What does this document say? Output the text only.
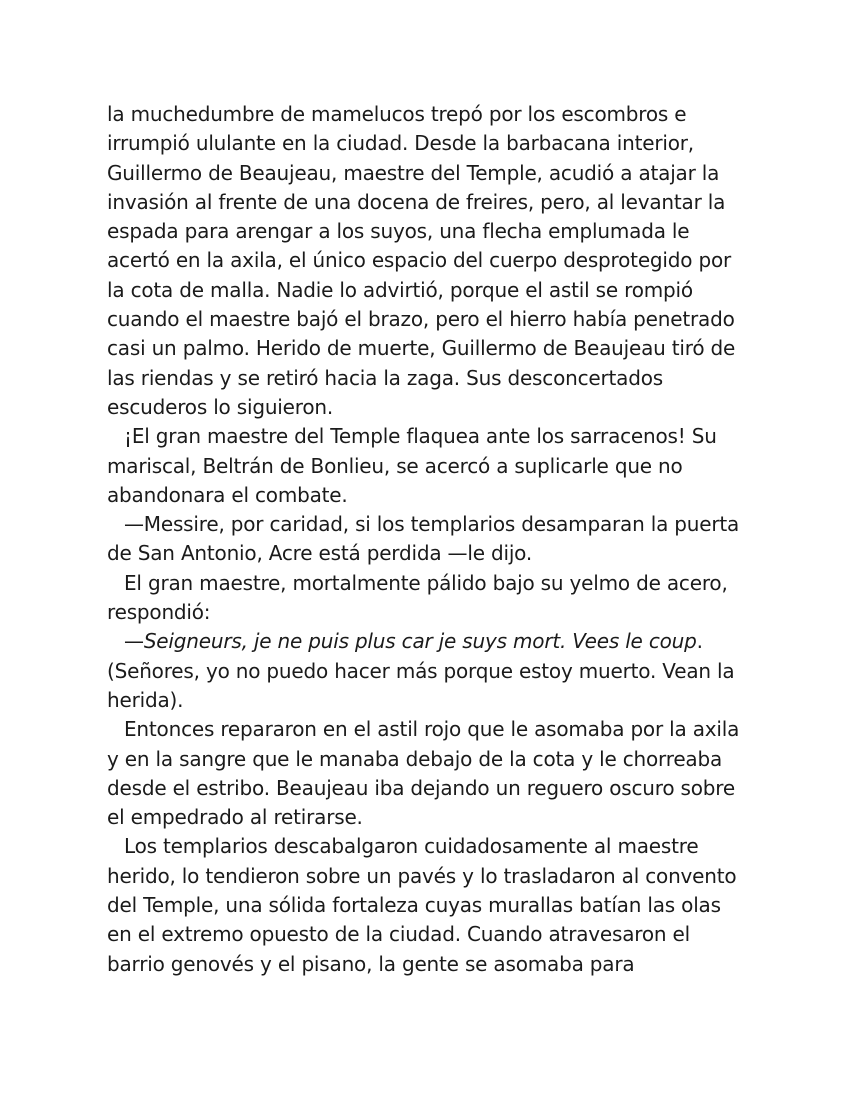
la muchedumbre de mamelucos trepó por los escombros e
irrumpió ululante en la ciudad. Desde la barbacana interior,
Guillermo de Beaujeau, maestre del Temple, acudió a atajar la
invasión al frente de una docena de freires, pero, al levantar la
espada para arengar a los suyos, una flecha emplumada le
acertó en la axila, el único espacio del cuerpo desprotegido por
la cota de malla. Nadie lo advirtió, porque el astil se rompió
cuando el maestre bajó el brazo, pero el hierro había penetrado
casi un palmo. Herido de muerte, Guillermo de Beaujeau tiró de
las riendas y se retiró hacia la zaga. Sus desconcertados
escuderos lo siguieron.
¡El gran maestre del Temple flaquea ante los sarracenos! Su
mariscal, Beltrán de Bonlieu, se acercó a suplicarle que no
abandonara el combate.
—Messire, por caridad, si los templarios desamparan la puerta
de San Antonio, Acre está perdida —le dijo.
El gran maestre, mortalmente pálido bajo su yelmo de acero,
respondió:
—Seigneurs, je ne puis plus car je suys mort. Vees le coup.
(Señores, yo no puedo hacer más porque estoy muerto. Vean la
herida).
Entonces repararon en el astil rojo que le asomaba por la axila
y en la sangre que le manaba debajo de la cota y le chorreaba
desde el estribo. Beaujeau iba dejando un reguero oscuro sobre
el empedrado al retirarse.
Los templarios descabalgaron cuidadosamente al maestre
herido, lo tendieron sobre un pavés y lo trasladaron al convento
del Temple, una sólida fortaleza cuyas murallas batían las olas
en el extremo opuesto de la ciudad. Cuando atravesaron el
barrio genovés y el pisano, la gente se asomaba para
